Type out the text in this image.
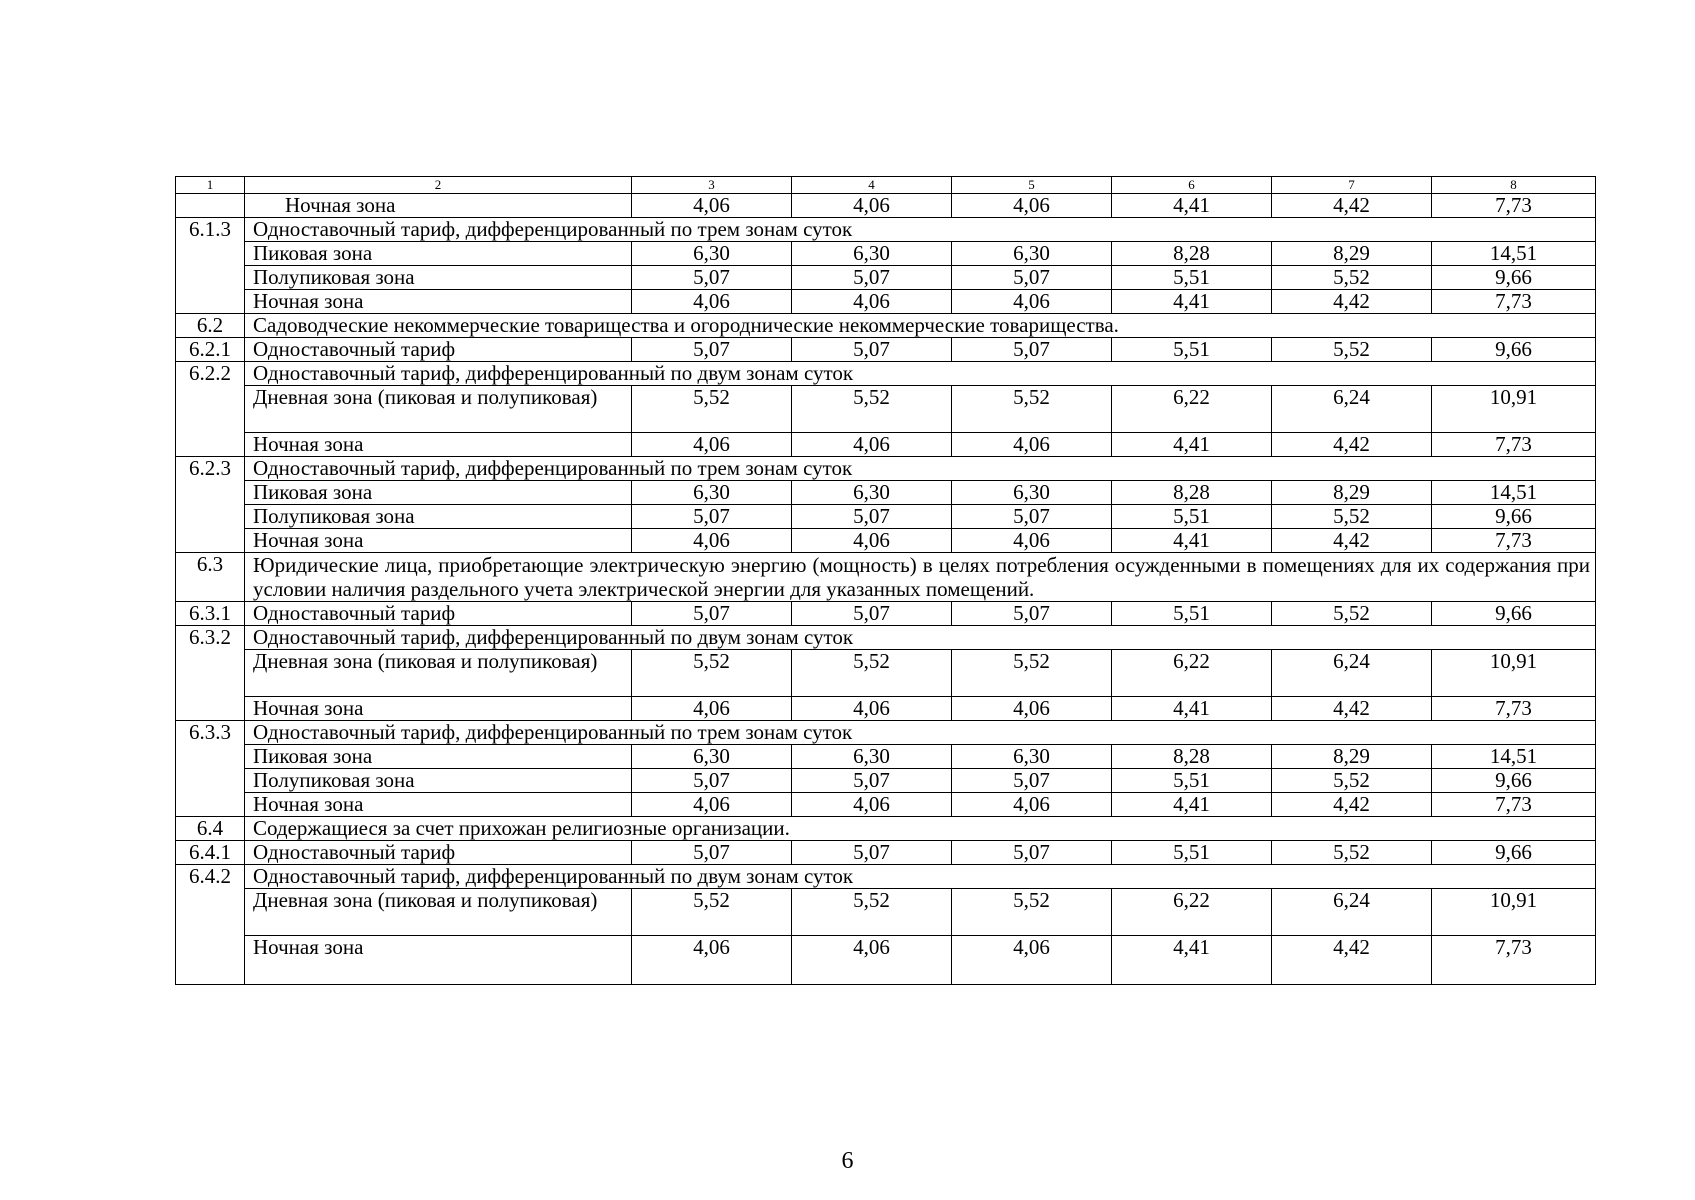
1	2	3	4	5	6	7	8
	Ночная зона	4,06	4,06	4,06	4,41	4,42	7,73
6.1.3	Одноставочный тариф, дифференцированный по трем зонам суток						
	Пиковая зона	6,30	6,30	6,30	8,28	8,29	14,51
	Полупиковая зона	5,07	5,07	5,07	5,51	5,52	9,66
	Ночная зона	4,06	4,06	4,06	4,41	4,42	7,73
6.2	Садоводческие некоммерческие товарищества и огороднические некоммерческие товарищества.						
6.2.1	Одноставочный тариф	5,07	5,07	5,07	5,51	5,52	9,66
6.2.2	Одноставочный тариф, дифференцированный по двум зонам суток						
	Дневная зона (пиковая и полупиковая)	5,52	5,52	5,52	6,22	6,24	10,91
	Ночная зона	4,06	4,06	4,06	4,41	4,42	7,73
6.2.3	Одноставочный тариф, дифференцированный по трем зонам суток						
	Пиковая зона	6,30	6,30	6,30	8,28	8,29	14,51
	Полупиковая зона	5,07	5,07	5,07	5,51	5,52	9,66
	Ночная зона	4,06	4,06	4,06	4,41	4,42	7,73
6.3	Юридические лица, приобретающие электрическую энергию (мощность) в целях потребления осужденными в помещениях для их содержания при условии наличия раздельного учета электрической энергии для указанных помещений.						
6.3.1	Одноставочный тариф	5,07	5,07	5,07	5,51	5,52	9,66
6.3.2	Одноставочный тариф, дифференцированный по двум зонам суток						
	Дневная зона (пиковая и полупиковая)	5,52	5,52	5,52	6,22	6,24	10,91
	Ночная зона	4,06	4,06	4,06	4,41	4,42	7,73
6.3.3	Одноставочный тариф, дифференцированный по трем зонам суток						
	Пиковая зона	6,30	6,30	6,30	8,28	8,29	14,51
	Полупиковая зона	5,07	5,07	5,07	5,51	5,52	9,66
	Ночная зона	4,06	4,06	4,06	4,41	4,42	7,73
6.4	Содержащиеся за счет прихожан религиозные организации.						
6.4.1	Одноставочный тариф	5,07	5,07	5,07	5,51	5,52	9,66
6.4.2	Одноставочный тариф, дифференцированный по двум зонам суток						
	Дневная зона (пиковая и полупиковая)	5,52	5,52	5,52	6,22	6,24	10,91
	Ночная зона	4,06	4,06	4,06	4,41	4,42	7,73
6
